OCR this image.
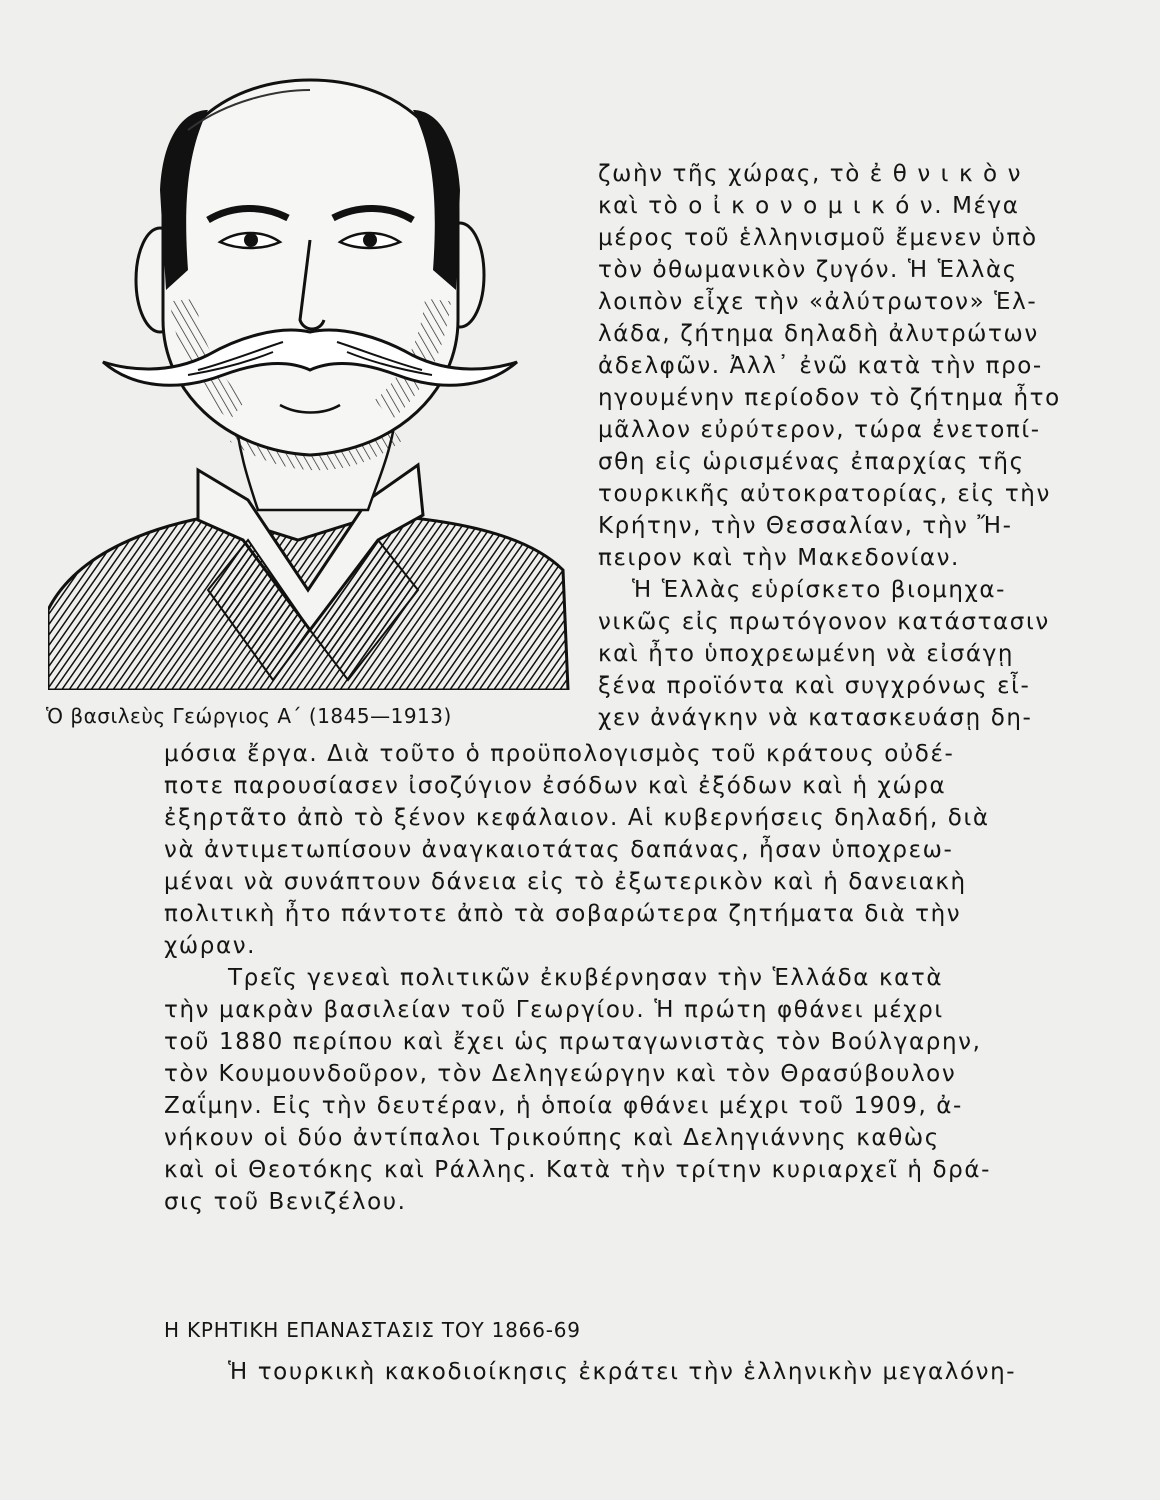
Ὁ βασιλεὺς Γεώργιος Α΄ (1845—1913)
ζωὴν τῆς χώρας, τὸ ἐ θ ν ι κ ὸ ν
καὶ τὸ ο ἰ κ ο ν ο μ ι κ ό ν. Μέγα
μέρος τοῦ ἑλληνισμοῦ ἔμενεν ὑπὸ
τὸν ὀθωμανικὸν ζυγόν. Ἡ Ἑλλὰς
λοιπὸν εἶχε τὴν «ἀλύτρωτον» Ἑλ-
λάδα, ζήτημα δηλαδὴ ἀλυτρώτων
ἀδελφῶν. Ἀλλ᾽ ἐνῶ κατὰ τὴν προ-
ηγουμένην περίοδον τὸ ζήτημα ἦτο
μᾶλλον εὐρύτερον, τώρα ἐνετοπί-
σθη εἰς ὡρισμένας ἐπαρχίας τῆς
τουρκικῆς αὐτοκρατορίας, εἰς τὴν
Κρήτην, τὴν Θεσσαλίαν, τὴν Ἤ-
πειρον καὶ τὴν Μακεδονίαν.
Ἡ Ἑλλὰς εὑρίσκετο βιομηχα-
νικῶς εἰς πρωτόγονον κατάστασιν
καὶ ἦτο ὑποχρεωμένη νὰ εἰσάγῃ
ξένα προϊόντα καὶ συγχρόνως εἶ-
χεν ἀνάγκην νὰ κατασκευάσῃ δη-
μόσια ἔργα. Διὰ τοῦτο ὁ προϋπολογισμὸς τοῦ κράτους οὐδέ-
ποτε παρουσίασεν ἰσοζύγιον ἐσόδων καὶ ἐξόδων καὶ ἡ χώρα
ἐξηρτᾶτο ἀπὸ τὸ ξένον κεφάλαιον. Αἱ κυβερνήσεις δηλαδή, διὰ
νὰ ἀντιμετωπίσουν ἀναγκαιοτάτας δαπάνας, ἦσαν ὑποχρεω-
μέναι νὰ συνάπτουν δάνεια εἰς τὸ ἐξωτερικὸν καὶ ἡ δανειακὴ
πολιτικὴ ἦτο πάντοτε ἀπὸ τὰ σοβαρώτερα ζητήματα διὰ τὴν
χώραν.
Τρεῖς γενεαὶ πολιτικῶν ἐκυβέρνησαν τὴν Ἑλλάδα κατὰ
τὴν μακρὰν βασιλείαν τοῦ Γεωργίου. Ἡ πρώτη φθάνει μέχρι
τοῦ 1880 περίπου καὶ ἔχει ὡς πρωταγωνιστὰς τὸν Βούλγαρην,
τὸν Κουμουνδοῦρον, τὸν Δεληγεώργην καὶ τὸν Θρασύβουλον
Ζαΐμην. Εἰς τὴν δευτέραν, ἡ ὁποία φθάνει μέχρι τοῦ 1909, ἀ-
νήκουν οἱ δύο ἀντίπαλοι Τρικούπης καὶ Δεληγιάννης καθὼς
καὶ οἱ Θεοτόκης καὶ Ράλλης. Κατὰ τὴν τρίτην κυριαρχεῖ ἡ δρά-
σις τοῦ Βενιζέλου.
Η ΚΡΗΤΙΚΗ ΕΠΑΝΑΣΤΑΣΙΣ ΤΟΥ 1866-69
Ἡ τουρκικὴ κακοδιοίκησις ἐκράτει τὴν ἑλληνικὴν μεγαλόνη-
